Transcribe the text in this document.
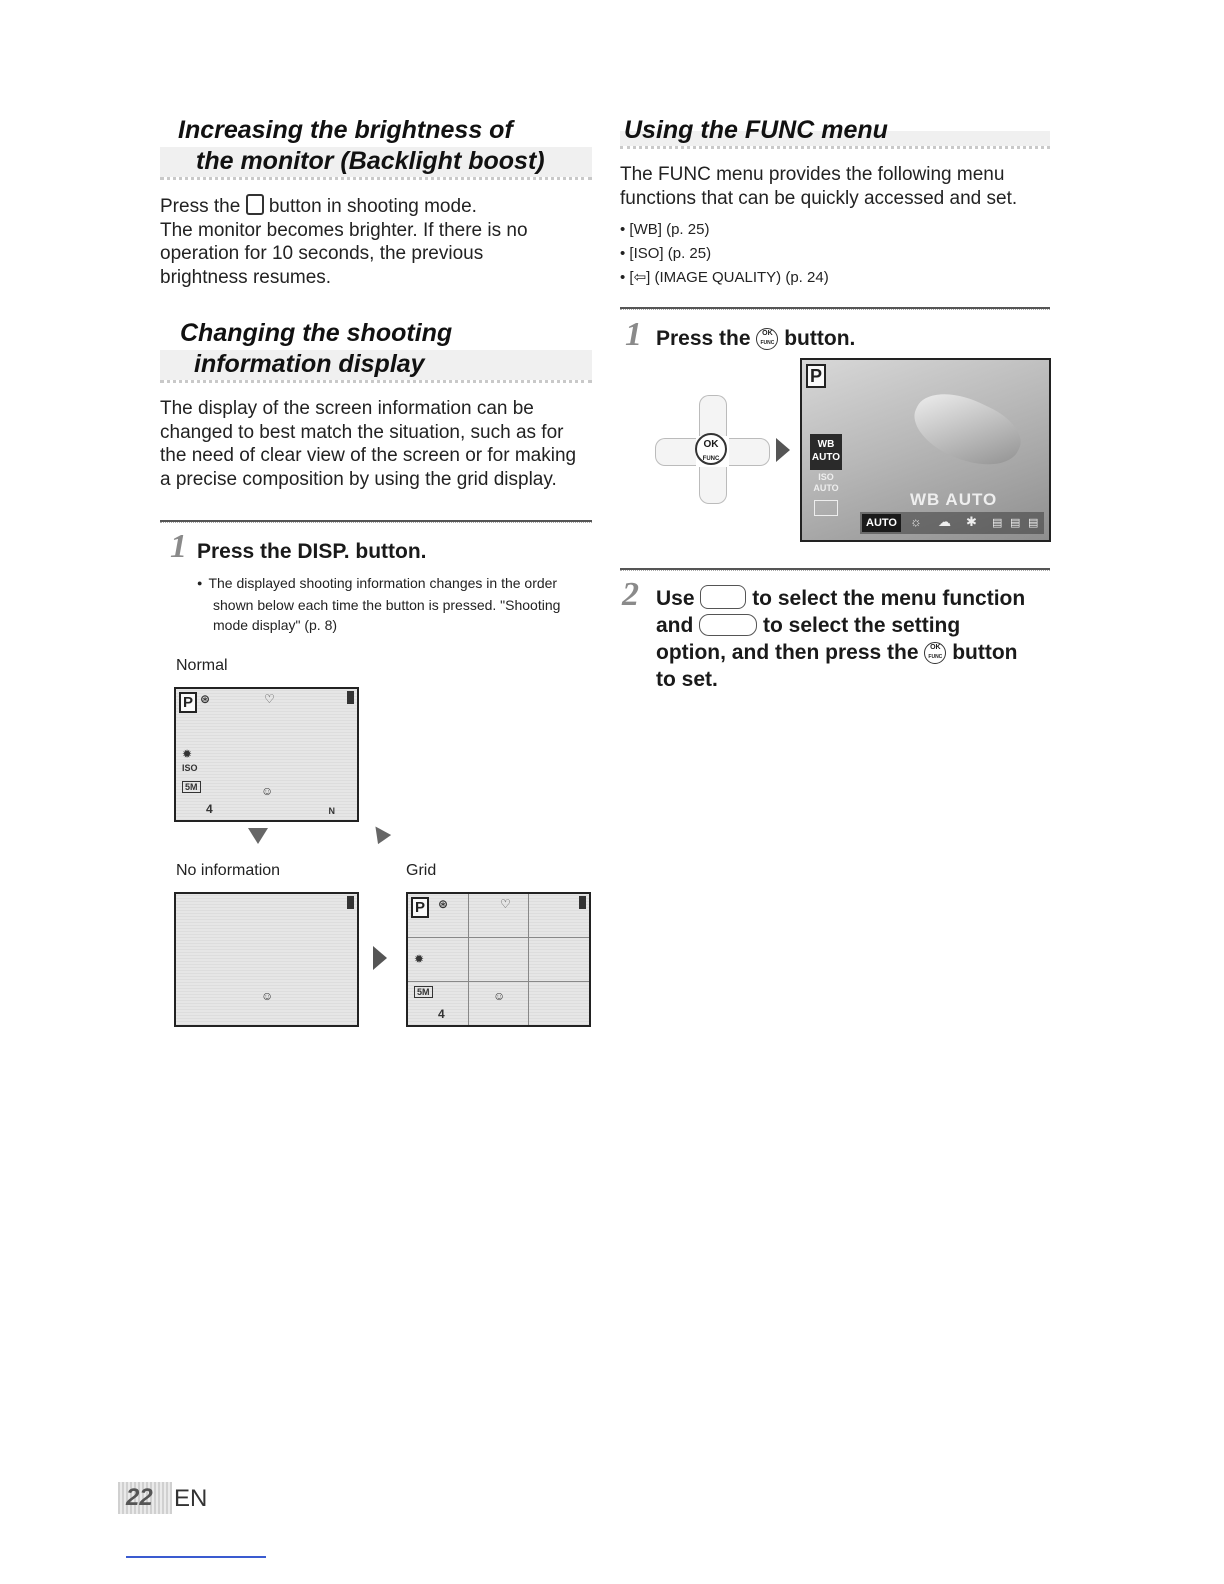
Increasing the brightness of
the monitor (Backlight boost)

Press the  button in shooting mode.

The monitor becomes brighter. If there is no operation for 10 seconds, the previous brightness resumes.

Changing the shooting
information display

The display of the screen information can be changed to best match the situation, such as for the need of clear view of the screen or for making a precise composition by using the grid display.

1 Press the DISP. button.

● The displayed shooting information changes in the order shown below each time the button is pressed. "Shooting mode display" (p. 8)

Normal
P ⊛	♡
✹
ISO
5M
4
☺
N
No information	Grid
☺
P	⊛	♡
✹
5M
4
☺
Using the FUNC menu

The FUNC menu provides the following menu functions that can be quickly accessed and set.

• [WB] (p. 25)
• [ISO] (p. 25)
• [⇦] (IMAGE QUALITY) (p. 24)
1 Press the OK
FUNC button.

OK
FUNC
P
WB AUTO
ISO AUTO
WB AUTO
AUTO	☼ ☁ ✱ ▤ ▤ ▤
2 Use  to select the menu function and	to select the setting option, and then press the OK
FUNC button to set.

22 EN
